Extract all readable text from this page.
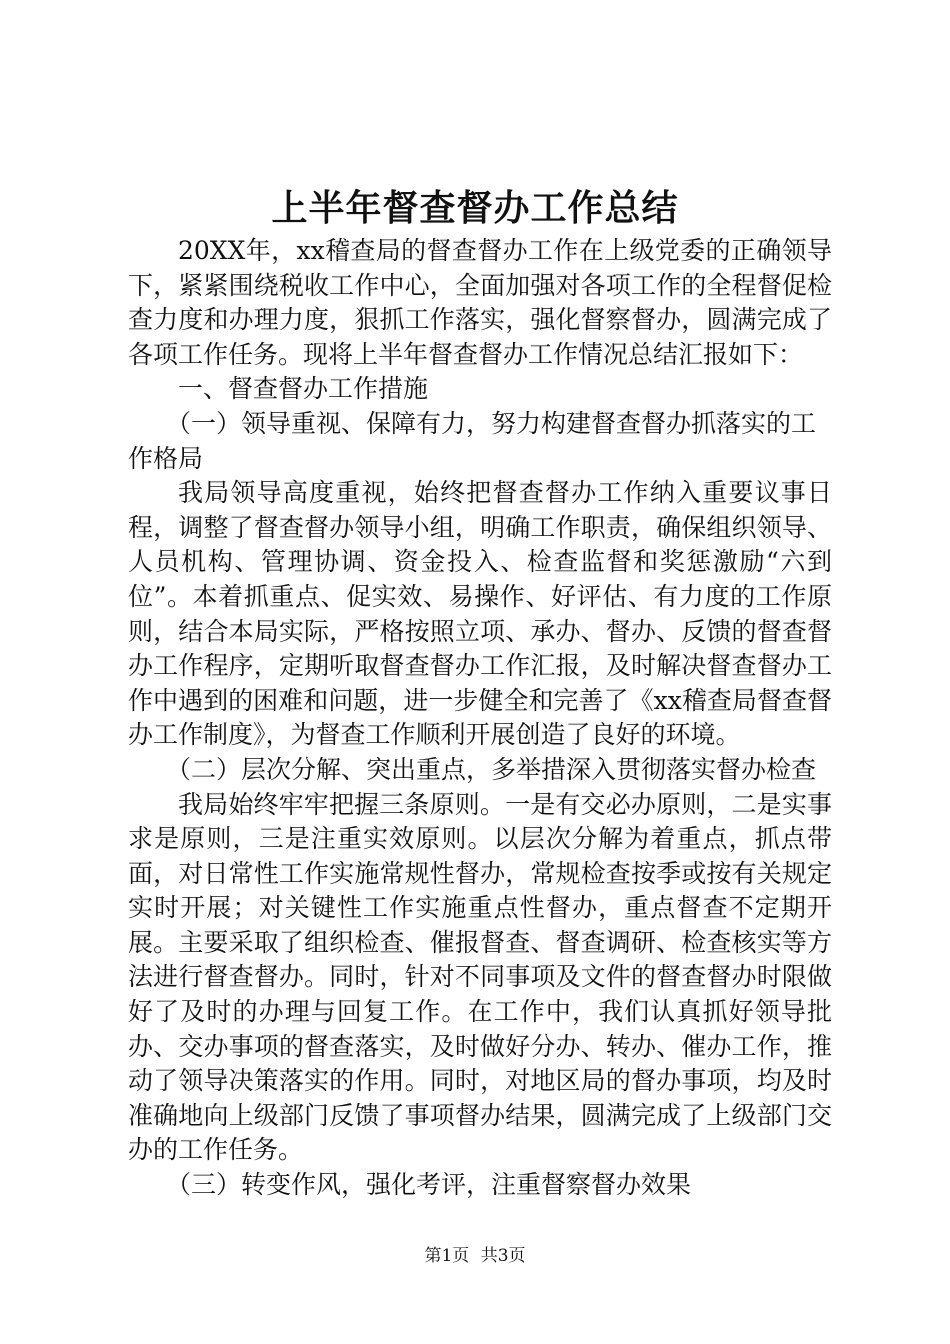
上半年督查督办工作总结

20XX年，xx稽查局的督查督办工作在上级党委的正确领导下，紧紧围绕税收工作中心，全面加强对各项工作的全程督促检查力度和办理力度，狠抓工作落实，强化督察督办，圆满完成了各项工作任务。现将上半年督查督办工作情况总结汇报如下：

一、督查督办工作措施

（一）领导重视、保障有力，努力构建督查督办抓落实的工作格局

我局领导高度重视，始终把督查督办工作纳入重要议事日程，调整了督查督办领导小组，明确工作职责，确保组织领导、人员机构、管理协调、资金投入、检查监督和奖惩激励“六到位”。本着抓重点、促实效、易操作、好评估、有力度的工作原则，结合本局实际，严格按照立项、承办、督办、反馈的督查督办工作程序，定期听取督查督办工作汇报，及时解决督查督办工作中遇到的困难和问题，进一步健全和完善了《xx稽查局督查督办工作制度》，为督查工作顺利开展创造了良好的环境。

（二）层次分解、突出重点，多举措深入贯彻落实督办检查

我局始终牢牢把握三条原则。一是有交必办原则，二是实事求是原则，三是注重实效原则。以层次分解为着重点，抓点带面，对日常性工作实施常规性督办，常规检查按季或按有关规定实时开展；对关键性工作实施重点性督办，重点督查不定期开展。主要采取了组织检查、催报督查、督查调研、检查核实等方法进行督查督办。同时，针对不同事项及文件的督查督办时限做好了及时的办理与回复工作。在工作中，我们认真抓好领导批办、交办事项的督查落实，及时做好分办、转办、催办工作，推动了领导决策落实的作用。同时，对地区局的督办事项，均及时准确地向上级部门反馈了事项督办结果，圆满完成了上级部门交办的工作任务。

（三）转变作风，强化考评，注重督察督办效果

第1页 共3页
